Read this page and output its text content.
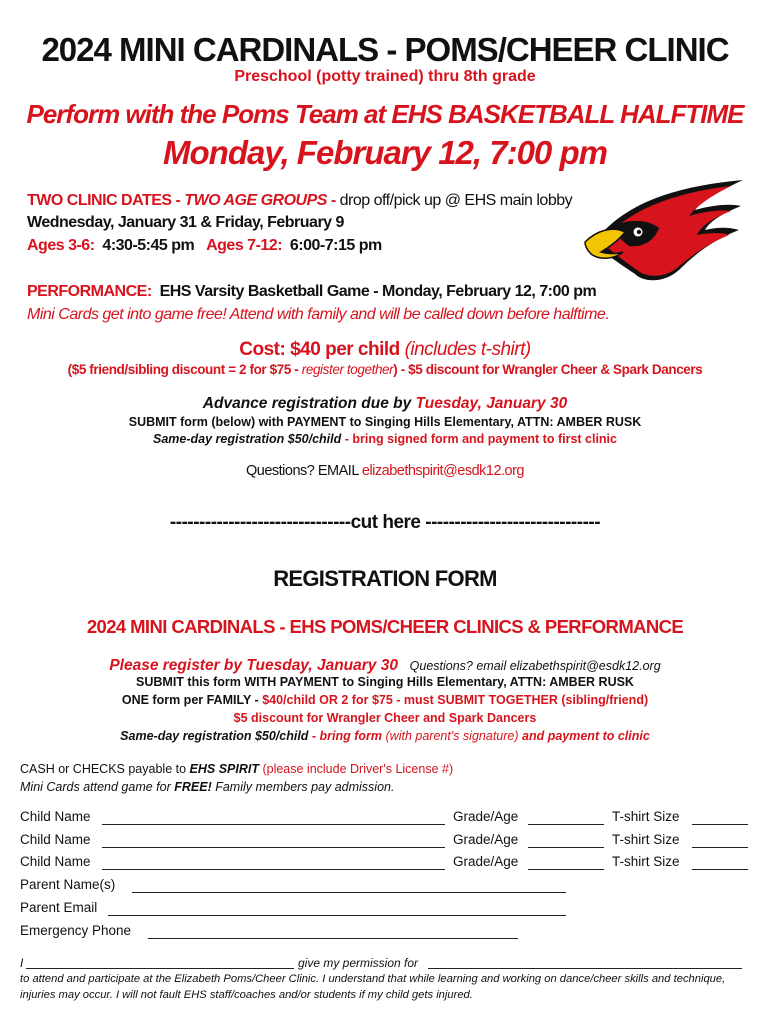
2024 MINI CARDINALS - POMS/CHEER CLINIC
Preschool (potty trained) thru 8th grade
Perform with the Poms Team at EHS BASKETBALL HALFTIME
Monday, February 12, 7:00 pm
TWO CLINIC DATES - TWO AGE GROUPS - drop off/pick up @ EHS main lobby
Wednesday, January 31 & Friday, February 9
Ages 3-6: 4:30-5:45 pm Ages 7-12: 6:00-7:15 pm
PERFORMANCE: EHS Varsity Basketball Game - Monday, February 12, 7:00 pm
Mini Cards get into game free! Attend with family and will be called down before halftime.
Cost: $40 per child (includes t-shirt)
($5 friend/sibling discount = 2 for $75 - register together) - $5 discount for Wrangler Cheer & Spark Dancers
Advance registration due by Tuesday, January 30
SUBMIT form (below) with PAYMENT to Singing Hills Elementary, ATTN: AMBER RUSK
Same-day registration $50/child - bring signed form and payment to first clinic
Questions? EMAIL elizabethspirit@esdk12.org
-------------------------------cut here ------------------------------
REGISTRATION FORM
2024 MINI CARDINALS - EHS POMS/CHEER CLINICS & PERFORMANCE
Please register by Tuesday, January 30 Questions? email elizabethspirit@esdk12.org
SUBMIT this form WITH PAYMENT to Singing Hills Elementary, ATTN: AMBER RUSK
ONE form per FAMILY - $40/child OR 2 for $75 - must SUBMIT TOGETHER (sibling/friend)
$5 discount for Wrangler Cheer and Spark Dancers
Same-day registration $50/child - bring form (with parent's signature) and payment to clinic
CASH or CHECKS payable to EHS SPIRIT (please include Driver's License #)
Mini Cards attend game for FREE! Family members pay admission.
Child Name	Grade/Age	T-shirt Size
Child Name	Grade/Age	T-shirt Size
Child Name	Grade/Age	T-shirt Size
Parent Name(s)
Parent Email
Emergency Phone
I	give my permission for
to attend and participate at the Elizabeth Poms/Cheer Clinic. I understand that while learning and working on dance/cheer skills and technique, injuries may occur. I will not fault EHS staff/coaches and/or students if my child gets injured.
